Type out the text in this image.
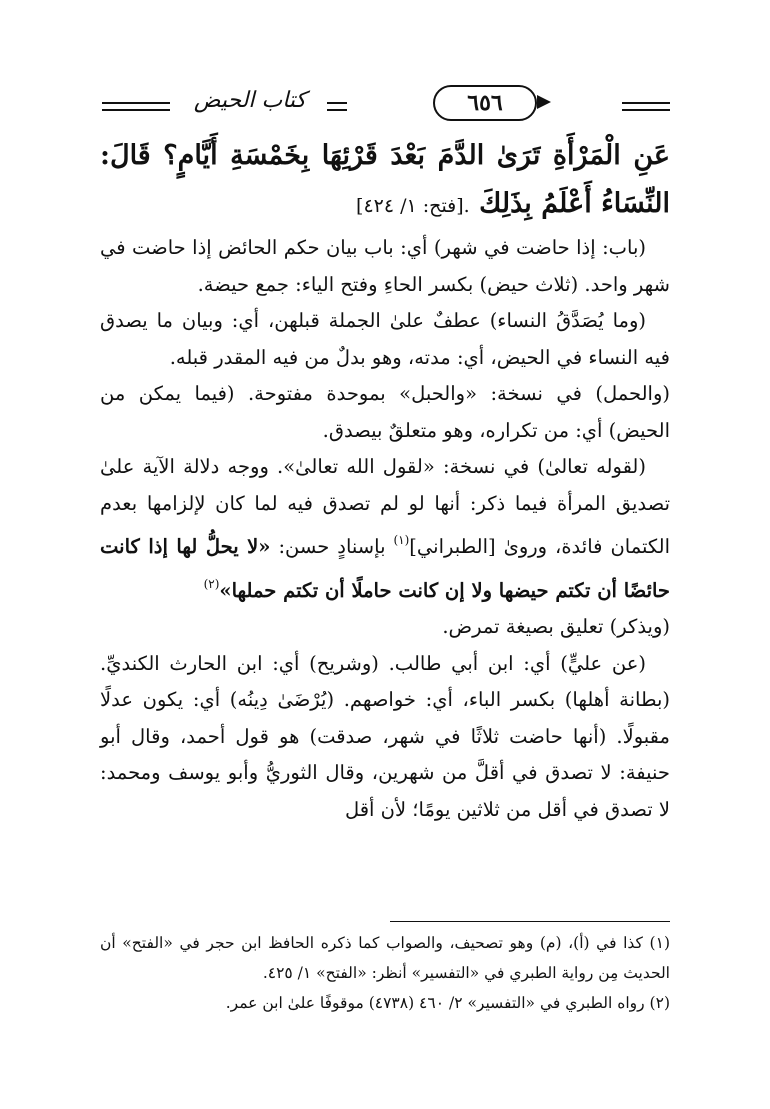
كتاب الحيض	٦٥٦

عَنِ الْمَرْأَةِ تَرَىٰ الدَّمَ بَعْدَ قَرْئِهَا بِخَمْسَةِ أَيَّامٍ؟ قَالَ: النِّسَاءُ أَعْلَمُ بِذَلِكَ .[فتح: ١/ ٤٢٤]

(باب: إذا حاضت في شهر) أي: باب بيان حكم الحائض إذا حاضت في شهر واحد. (ثلاث حيض) بكسر الحاءِ وفتح الياء: جمع حيضة.

(وما يُصَدَّقُ النساء) عطفٌ علىٰ الجملة قبلهن، أي: وبيان ما يصدق فيه النساء في الحيض، أي: مدته، وهو بدلٌ من فيه المقدر قبله.

(والحمل) في نسخة: «والحبل» بموحدة مفتوحة. (فيما يمكن من الحيض) أي: من تكراره، وهو متعلقٌ بيصدق.

(لقوله تعالىٰ) في نسخة: «لقول الله تعالىٰ». ووجه دلالة الآية علىٰ تصديق المرأة فيما ذكر: أنها لو لم تصدق فيه لما كان لإلزامها بعدم الكتمان فائدة، وروىٰ [الطبراني]$^{(١)}$ بإسنادٍ حسن: «لا يحلُّ لها إذا كانت حائضًا أن تكتم حيضها ولا إن كانت حاملًا أن تكتم حملها»$^{(٢)}$

(ويذكر) تعليق بصيغة تمرض.

(عن عليٍّ) أي: ابن أبي طالب. (وشريح) أي: ابن الحارث الكنديِّ. (بطانة أهلها) بكسر الباء، أي: خواصهم. (يُرْضَىٰ دِينُه) أي: يكون عدلًا مقبولًا. (أنها حاضت ثلاثًا في شهر، صدقت) هو قول أحمد، وقال أبو حنيفة: لا تصدق في أقلَّ من شهرين، وقال الثوريُّ وأبو يوسف ومحمد: لا تصدق في أقل من ثلاثين يومًا؛ لأن أقل

(١) كذا في (أ)، (م) وهو تصحيف، والصواب كما ذكره الحافظ ابن حجر في «الفتح» أن الحديث مِن رواية الطبري في «التفسير» أنظر: «الفتح» ١/ ٤٢٥.

(٢) رواه الطبري في «التفسير» ٢/ ٤٦٠ (٤٧٣٨) موقوفًا علىٰ ابن عمر.
